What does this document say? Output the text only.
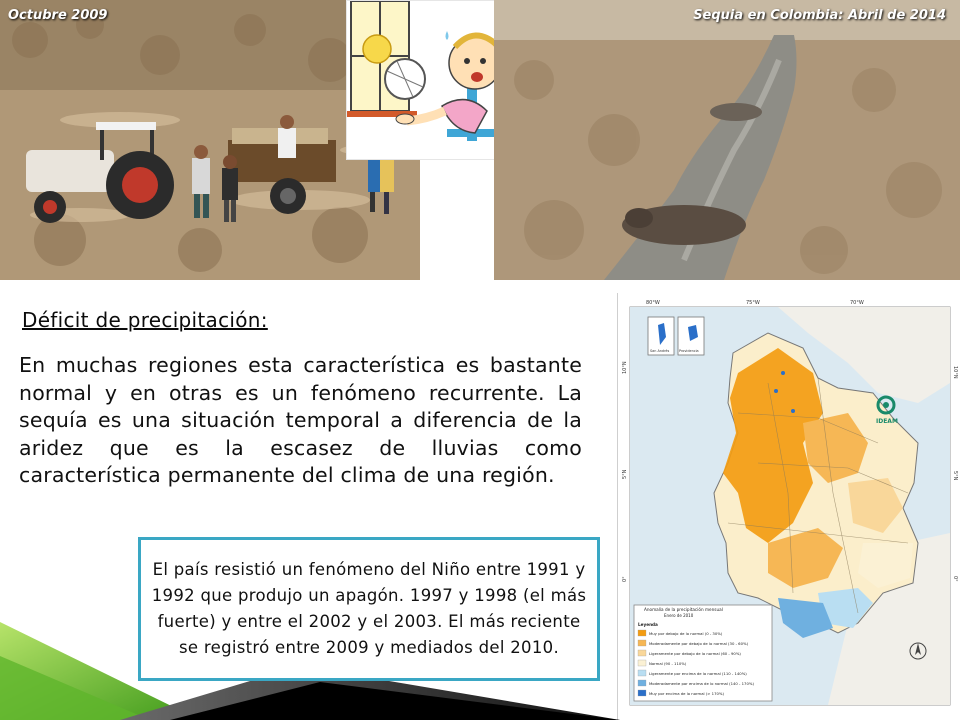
Octubre 2009	Sequia en Colombia: Abril de 2014
Déficit de precipitación:
En muchas regiones esta característica es bastante normal y en otras es un fenómeno recurrente. La sequía es una situación temporal a diferencia de la aridez que es la escasez de lluvias como característica permanente del clima de una región.
El país resistió un fenómeno del Niño entre 1991 y 1992 que produjo un apagón. 1997 y 1998 (el más fuerte) y entre el 2002 y el 2003. El más reciente se registró entre 2009 y mediados del 2010.
80°W	75°W	70°W
10°N
5°N
0°
10°N
5°N
0°
San Andrés	Providencia
IDEAM
Anomalía de la precipitación mensual
Enero de 2010
Leyenda
Muy por debajo de lo normal (0 - 30%)
Moderadamente por debajo de lo normal (30 - 60%)
Ligeramente por debajo de lo normal (60 - 90%)
Normal (90 - 110%)
Ligeramente por encima de lo normal (110 - 140%)
Moderadamente por encima de lo normal (140 - 170%)
Muy por encima de lo normal (> 170%)
